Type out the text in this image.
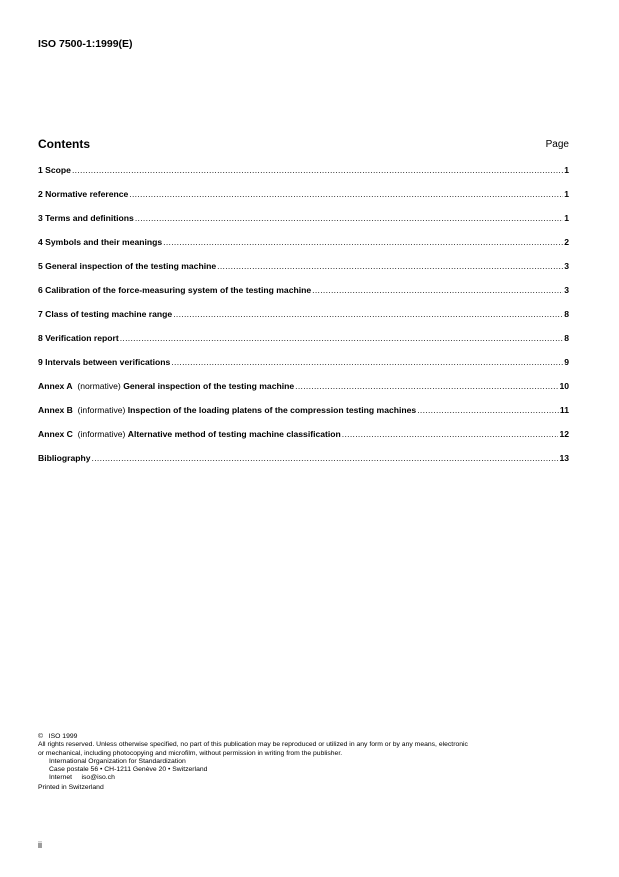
ISO 7500-1:1999(E)
Contents	Page
1 Scope .....	1
2 Normative reference .....	1
3 Terms and definitions .....	1
4 Symbols and their meanings .....	2
5 General inspection of the testing machine .....	3
6 Calibration of the force-measuring system of the testing machine .....	3
7 Class of testing machine range .....	8
8 Verification report .....	8
9 Intervals between verifications .....	9
Annex A (normative) General inspection of the testing machine .....	10
Annex B (informative) Inspection of the loading platens of the compression testing machines .....	11
Annex C (informative) Alternative method of testing machine classification .....	12
Bibliography .....	13

© ISO 1999

All rights reserved. Unless otherwise specified, no part of this publication may be reproduced or utilized in any form or by any means, electronic

or mechanical, including photocopying and microfilm, without permission in writing from the publisher.

International Organization for Standardization

Case postale 56 • CH-1211 Genève 20 • Switzerland

Internet iso@iso.ch

Printed in Switzerland

ii
